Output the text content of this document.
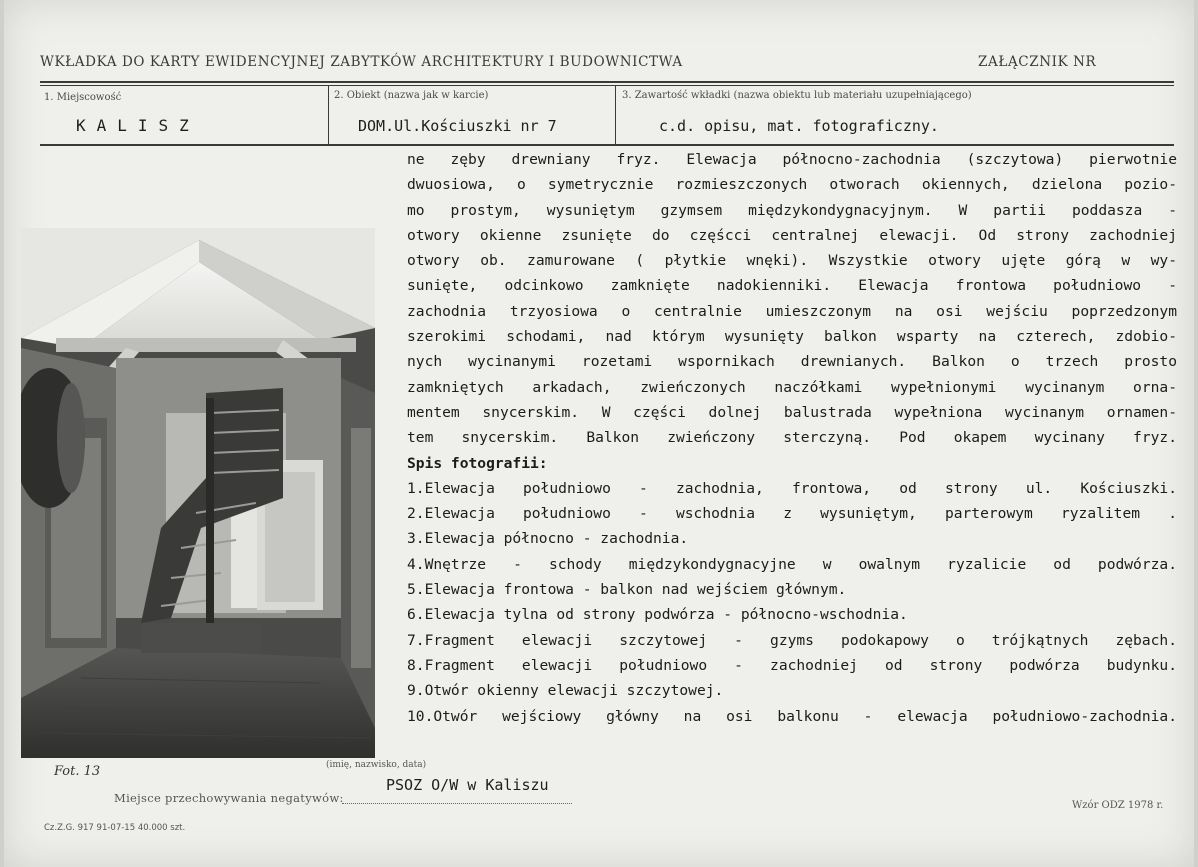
WKŁADKA DO KARTY EWIDENCYJNEJ ZABYTKÓW ARCHITEKTURY I BUDOWNICTWA	ZAŁĄCZNIK NR
1. Miejscowość	2. Obiekt (nazwa jak w karcie)	3. Zawartość wkładki (nazwa obiektu lub materiału uzupełniającego)
KALISZ	DOM.Ul.Kościuszki nr 7	c.d. opisu, mat. fotograficzny.
ne zęby drewniany fryz. Elewacja północno-zachodnia (szczytowa) pierwotnie
dwuosiowa, o symetrycznie rozmieszczonych otworach okiennych, dzielona pozio-
mo prostym, wysuniętym gzymsem międzykondygnacyjnym. W partii poddasza -
otwory okienne zsunięte do częścci centralnej elewacji. Od strony zachodniej
otwory ob. zamurowane ( płytkie wnęki). Wszystkie otwory ujęte górą w wy-
sunięte, odcinkowo zamknięte nadokienniki. Elewacja frontowa południowo -
zachodnia trzyosiowa o centralnie umieszczonym na osi wejściu poprzedzonym
szerokimi schodami, nad którym wysunięty balkon wsparty na czterech, zdobio-
nych wycinanymi rozetami wspornikach drewnianych. Balkon o trzech prosto
zamkniętych arkadach, zwieńczonych naczółkami wypełnionymi wycinanym orna-
mentem snycerskim. W części dolnej balustrada wypełniona wycinanym ornamen-
tem snycerskim. Balkon zwieńczony sterczyną. Pod okapem wycinany fryz.
Spis fotografii:
1.Elewacja południowo - zachodnia, frontowa, od strony ul. Kościuszki.
2.Elewacja południowo - wschodnia z wysuniętym, parterowym ryzalitem .
3.Elewacja północno - zachodnia.
4.Wnętrze - schody międzykondygnacyjne w owalnym ryzalicie od podwórza.
5.Elewacja frontowa - balkon nad wejściem głównym.
6.Elewacja tylna od strony podwórza - północno-wschodnia.
7.Fragment elewacji szczytowej - gzyms podokapowy o trójkątnych zębach.
8.Fragment elewacji południowo - zachodniej od strony podwórza budynku.
9.Otwór okienny elewacji szczytowej.
10.Otwór wejściowy główny na osi balkonu - elewacja południowo-zachodnia.
Fot. 13	(imię, nazwisko, data)
PSOZ O/W w Kaliszu
Miejsce przechowywania negatywów:
Wzór ODZ 1978 r.
Cz.Z.G. 917 91-07-15 40.000 szt.
